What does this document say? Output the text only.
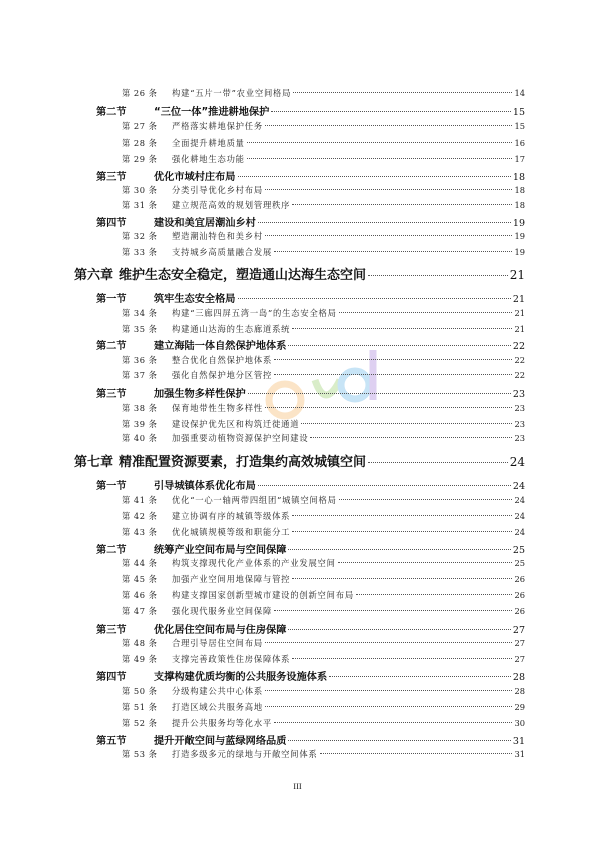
第 26 条	构建“五片一带”农业空间格局	14
第二节	“三位一体”推进耕地保护	15
第 27 条	严格落实耕地保护任务	15
第 28 条	全面提升耕地质量	16
第 29 条	强化耕地生态功能	17
第三节	优化市域村庄布局	18
第 30 条	分类引导优化乡村布局	18
第 31 条	建立规范高效的规划管理秩序	18
第四节	建设和美宜居潮汕乡村	19
第 32 条	塑造潮汕特色和美乡村	19
第 33 条	支持城乡高质量融合发展	19
第六章 维护生态安全稳定，塑造通山达海生态空间	21
第一节	筑牢生态安全格局	21
第 34 条	构建“三廊四屏五湾一岛”的生态安全格局	21
第 35 条	构建通山达海的生态廊道系统	21
第二节	建立海陆一体自然保护地体系	22
第 36 条	整合优化自然保护地体系	22
第 37 条	强化自然保护地分区管控	22
第三节	加强生物多样性保护	23
第 38 条	保育地带性生物多样性	23
第 39 条	建设保护优先区和构筑迁徙通道	23
第 40 条	加强重要动植物资源保护空间建设	23
第七章 精准配置资源要素，打造集约高效城镇空间	24
第一节	引导城镇体系优化布局	24
第 41 条	优化“一心一轴两带四组团”城镇空间格局	24
第 42 条	建立协调有序的城镇等级体系	24
第 43 条	优化城镇规模等级和职能分工	24
第二节	统筹产业空间布局与空间保障	25
第 44 条	构筑支撑现代化产业体系的产业发展空间	25
第 45 条	加强产业空间用地保障与管控	26
第 46 条	构建支撑国家创新型城市建设的创新空间布局	26
第 47 条	强化现代服务业空间保障	26
第三节	优化居住空间布局与住房保障	27
第 48 条	合理引导居住空间布局	27
第 49 条	支撑完善政策性住房保障体系	27
第四节	支撑构建优质均衡的公共服务设施体系	28
第 50 条	分级构建公共中心体系	28
第 51 条	打造区域公共服务高地	29
第 52 条	提升公共服务均等化水平	30
第五节	提升开敞空间与蓝绿网络品质	31
第 53 条	打造多级多元的绿地与开敞空间体系	31
III
